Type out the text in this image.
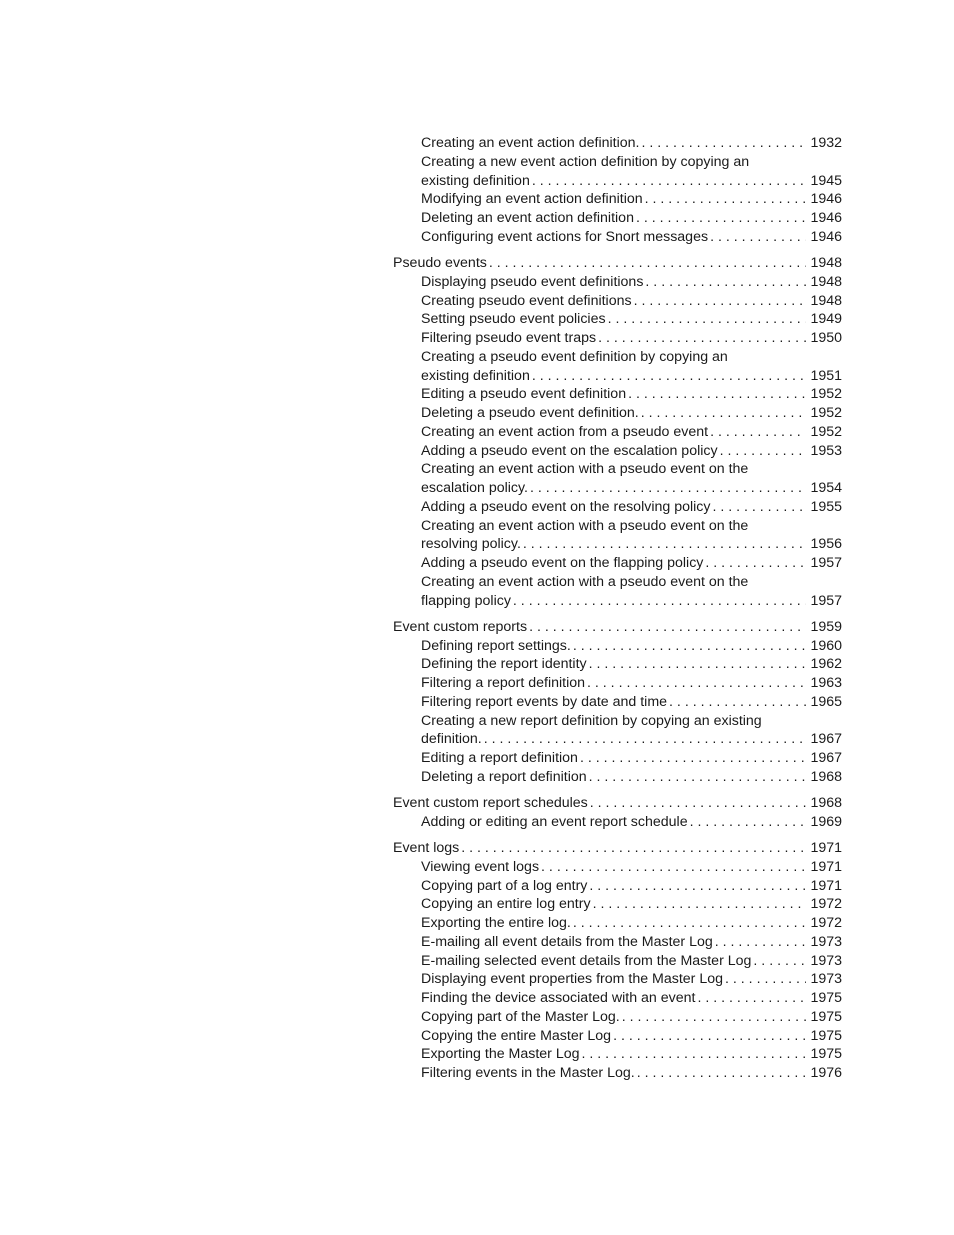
Creating an event action definition. . . .	1932
Creating a new event action definition by copying an
existing definition . . .	1945
Modifying an event action definition . . .	1946
Deleting an event action definition . . .	1946
Configuring event actions for Snort messages . . .	1946
Pseudo events . . .	1948
Displaying pseudo event definitions . . .	1948
Creating pseudo event definitions . . .	1948
Setting pseudo event policies . . .	1949
Filtering pseudo event traps . . .	1950
Creating a pseudo event definition by copying an
existing definition . . .	1951
Editing a pseudo event definition . . .	1952
Deleting a pseudo event definition. . . .	1952
Creating an event action from a pseudo event . . .	1952
Adding a pseudo event on the escalation policy . . .	1953
Creating an event action with a pseudo event on the
escalation policy. . . .	1954
Adding a pseudo event on the resolving policy . . .	1955
Creating an event action with a pseudo event on the
resolving policy. . . .	1956
Adding a pseudo event on the flapping policy . . .	1957
Creating an event action with a pseudo event on the
flapping policy . . .	1957
Event custom reports . . .	1959
Defining report settings. . . .	1960
Defining the report identity . . .	1962
Filtering a report definition . . .	1963
Filtering report events by date and time . . .	1965
Creating a new report definition by copying an existing
definition. . . .	1967
Editing a report definition . . .	1967
Deleting a report definition . . .	1968
Event custom report schedules . . .	1968
Adding or editing an event report schedule . . .	1969
Event logs . . .	1971
Viewing event logs . . .	1971
Copying part of a log entry . . .	1971
Copying an entire log entry . . .	1972
Exporting the entire log. . . .	1972
E-mailing all event details from the Master Log . . .	1973
E-mailing selected event details from the Master Log . . .	1973
Displaying event properties from the Master Log . . .	1973
Finding the device associated with an event . . .	1975
Copying part of the Master Log. . . .	1975
Copying the entire Master Log . . .	1975
Exporting the Master Log . . .	1975
Filtering events in the Master Log. . . .	1976
